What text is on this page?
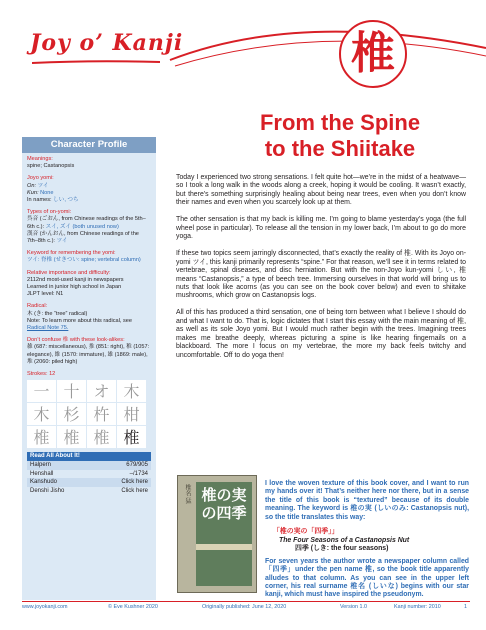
Joy o’ Kanji	椎
From the Spine
to the Shiitake
Character Profile
Meanings:
spine; Castanopsis
Joyo yomi:
On: ツイ
Kun: None
In names: しい, つち
Types of on-yomi:
呉音 (ごおん, from Chinese readings of the 5th–6th c.): スイ, ズイ (both unused now)
漢音 (かんおん, from Chinese readings of the 7th–8th c.): ツイ
Keyword for remembering the yomi:
ツイ: 脊椎 (せきつい: spine; vertebral column)
Relative importance and difficulty:
2112nd most-used kanji in newspapers
Learned in junior high school in Japan
JLPT level: N1
Radical:
木 (き: the “tree” radical)
Note: To learn more about this radical, see Radical Note 75.
Don’t confuse 椎 with these look-alikes:
雑 (687: miscellaneous), 推 (851: right), 稚 (1057: elegance), 維 (1570: immature), 雄 (1869: male), 堆 (2060: piled high)
Strokes: 12
一 十 オ 木
木 杉 杵 柑
椎 椎 椎 椎
Read All About It!
Halpern	679/905
Henshall	–/1734
Kanshudo	Click here
Denshi Jisho	Click here

Today I experienced two strong sensations. I felt quite hot—we’re in the midst of a heatwave—so I took a long walk in the woods along a creek, hoping it would be cooling. It wasn’t exactly, but there’s something surprisingly healing about being near trees, even when you don’t know their names and even when you scarcely look up at them.

The other sensation is that my back is killing me. I’m going to blame yesterday’s yoga (the full wheel pose in particular). To release all the tension in my lower back, I’m about to go do more yoga.

If these two topics seem jarringly disconnected, that’s exactly the reality of 椎. With its Joyo on-yomi ツイ, this kanji primarily represents “spine.” For that reason, we’ll see it in terms related to vertebrae, spinal diseases, and disc herniation. But with the non-Joyo kun-yomi しい, 椎 means “Castanopsis,” a type of beech tree. Immersing ourselves in that world will bring us to nuts that look like acorns (as you can see on the book cover below) and even to shiitake mushrooms, which grow on Castanopsis logs.

All of this has produced a third sensation, one of being torn between what I believe I should do and what I want to do. That is, logic dictates that I start this essay with the main meaning of 椎, as well as its sole Joyo yomi. But I would much rather begin with the trees. Imagining trees makes me breathe deeply, whereas picturing a spine is like hearing fingernails on a blackboard. The more I focus on my vertebrae, the more my back feels twitchy and uncomfortable. Off to do yoga then!

椎名 猛 椎の実の四季

I love the woven texture of this book cover, and I want to run my hands over it! That’s neither here nor there, but in a sense the title of this book is “textured” because of its double meaning. The keyword is 椎の実 (しいのみ: Castanopsis nut), so the title translates this way:

「椎の実の「四季」」
The Four Seasons of a Castanopsis Nut
四季 (しき: the four seasons)

For seven years the author wrote a newspaper column called「四季」under the pen name 椎, so the book title apparently alludes to that column. As you can see in the upper left corner, his real surname 椎名 (しいな) begins with our star kanji, which must have inspired the pseudonym.

www.joyokanji.com	© Eve Kushner 2020	Originally published: June 12, 2020	Version 1.0	Kanji number: 2010	1
